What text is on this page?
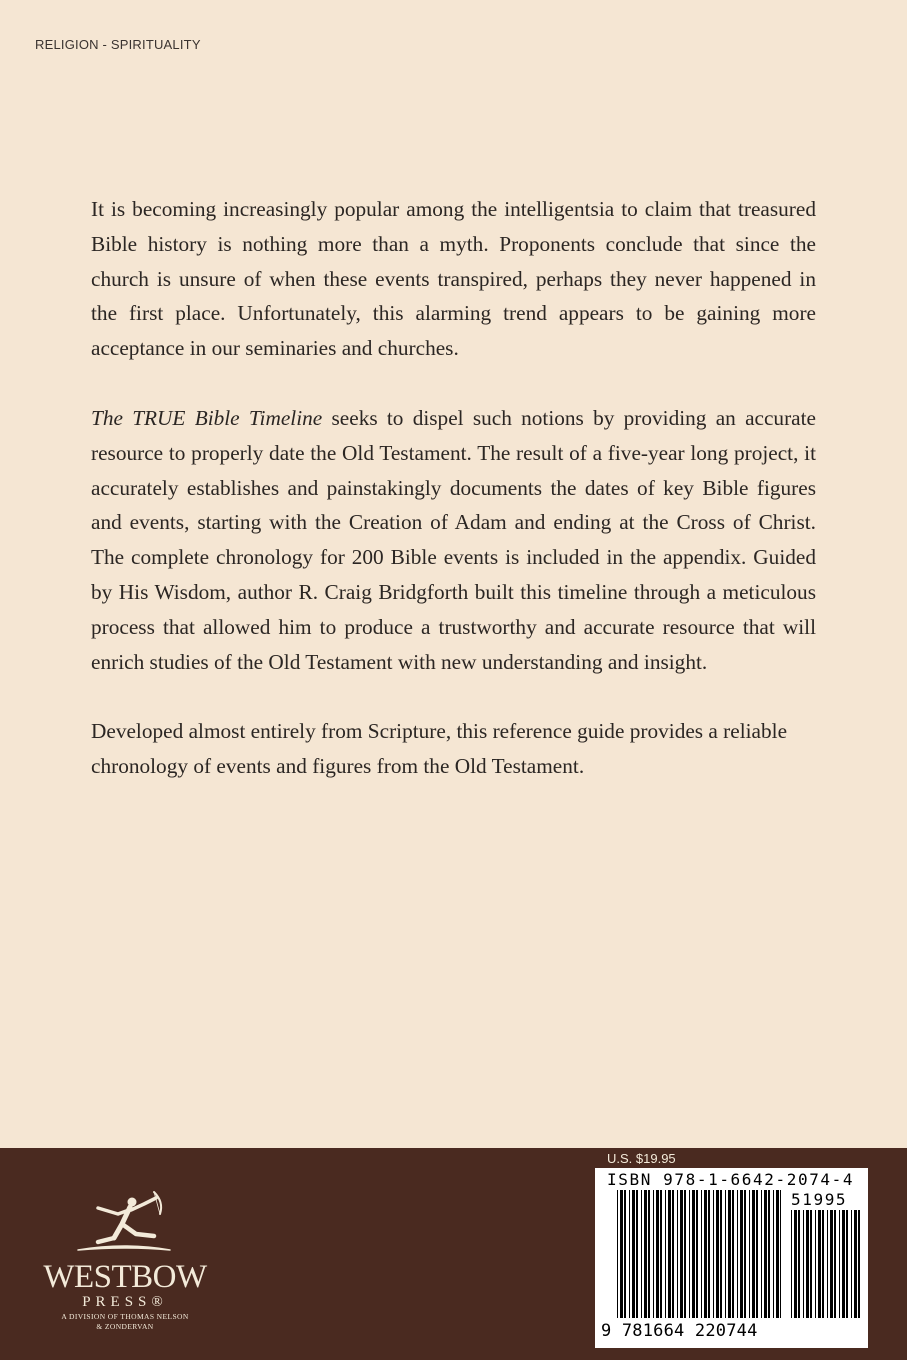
RELIGION - SPIRITUALITY

It is becoming increasingly popular among the intelligentsia to claim that treasured Bible history is nothing more than a myth. Proponents conclude that since the church is unsure of when these events transpired, perhaps they never happened in the first place. Unfortunately, this alarming trend appears to be gaining more acceptance in our seminaries and churches.

The TRUE Bible Timeline seeks to dispel such notions by providing an accurate resource to properly date the Old Testament. The result of a five-year long project, it accurately establishes and painstakingly documents the dates of key Bible figures and events, starting with the Creation of Adam and ending at the Cross of Christ. The complete chronology for 200 Bible events is included in the appendix. Guided by His Wisdom, author R. Craig Bridgforth built this timeline through a meticulous process that allowed him to produce a trustworthy and accurate resource that will enrich studies of the Old Testament with new understanding and insight.

Developed almost entirely from Scripture, this reference guide provides a reliable chronology of events and figures from the Old Testament.

WESTBOW
PRESS®
A DIVISION OF THOMAS NELSON
& ZONDERVAN
U.S. $19.95
ISBN 978-1-6642-2074-4
51995
9 781664 220744
